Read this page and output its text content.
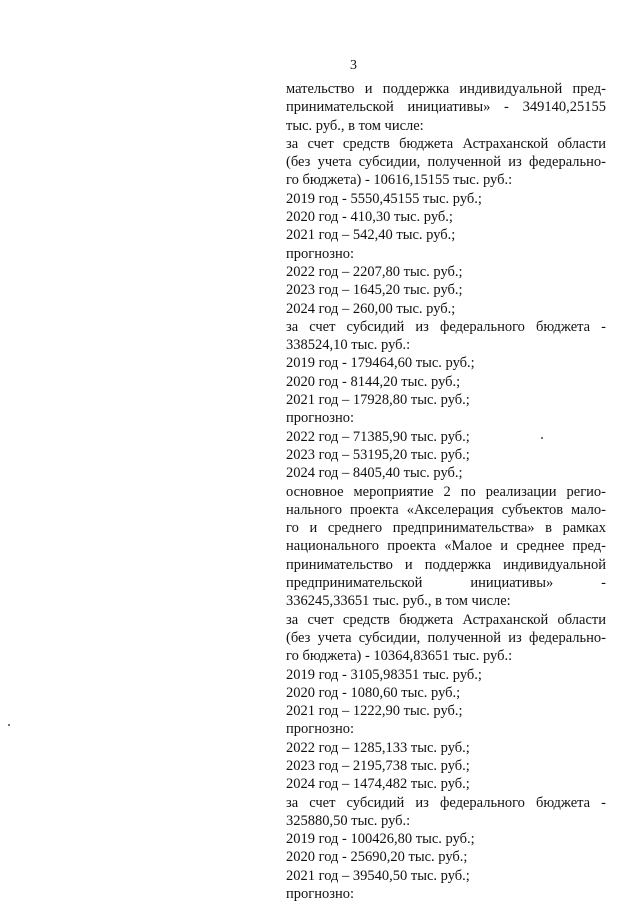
3
мательство и поддержка индивидуальной пред-
принимательской инициативы» - 349140,25155
тыс. руб., в том числе:
за счет средств бюджета Астраханской области
(без учета субсидии, полученной из федерально-
го бюджета) - 10616,15155 тыс. руб.:
2019 год - 5550,45155 тыс. руб.;
2020 год - 410,30 тыс. руб.;
2021 год – 542,40 тыс. руб.;
прогнозно:
2022 год – 2207,80 тыс. руб.;
2023 год – 1645,20 тыс. руб.;
2024 год – 260,00 тыс. руб.;
за счет субсидий из федерального бюджета -
338524,10 тыс. руб.:
2019 год - 179464,60 тыс. руб.;
2020 год - 8144,20 тыс. руб.;
2021 год – 17928,80 тыс. руб.;
прогнозно:
2022 год – 71385,90 тыс. руб.;
2023 год – 53195,20 тыс. руб.;
2024 год – 8405,40 тыс. руб.;
основное мероприятие 2 по реализации регио-
нального проекта «Акселерация субъектов мало-
го и среднего предпринимательства» в рамках
национального проекта «Малое и среднее пред-
принимательство и поддержка индивидуальной
предпринимательской инициативы» -
336245,33651 тыс. руб., в том числе:
за счет средств бюджета Астраханской области
(без учета субсидии, полученной из федерально-
го бюджета) - 10364,83651 тыс. руб.:
2019 год - 3105,98351 тыс. руб.;
2020 год - 1080,60 тыс. руб.;
2021 год – 1222,90 тыс. руб.;
прогнозно:
2022 год – 1285,133 тыс. руб.;
2023 год – 2195,738 тыс. руб.;
2024 год – 1474,482 тыс. руб.;
за счет субсидий из федерального бюджета -
325880,50 тыс. руб.:
2019 год - 100426,80 тыс. руб.;
2020 год - 25690,20 тыс. руб.;
2021 год – 39540,50 тыс. руб.;
прогнозно:
